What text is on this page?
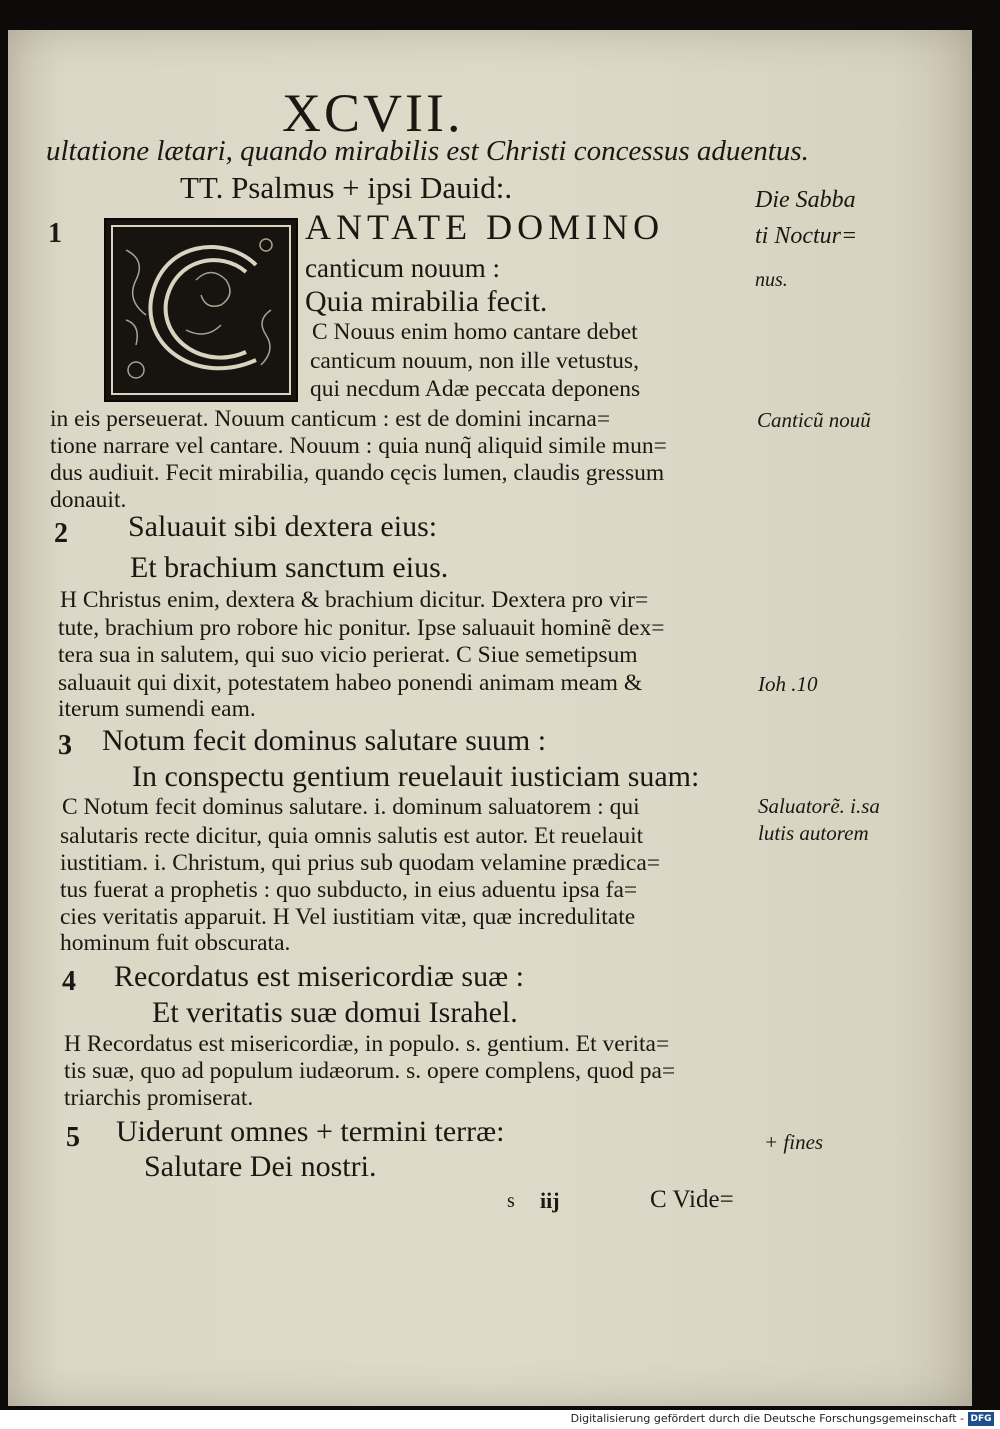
XCVII.
ultatione lætari, quando mirabilis est Christi concessus aduentus.
TT. Psalmus + ipsi Dauid:.
1	ANTATE DOMINO
canticum nouum :
Quia mirabilia fecit.
C Nouus enim homo cantare debet
canticum nouum, non ille vetustus,
qui necdum Adæ peccata deponens
in eis perseuerat. Nouum canticum : est de domini incarna=
tione narrare vel cantare. Nouum : quia nunq̃ aliquid simile mun=
dus audiuit. Fecit mirabilia, quando cęcis lumen, claudis gressum
donauit.
2 Saluauit sibi dextera eius:
Et brachium sanctum eius.
H Christus enim, dextera & brachium dicitur. Dextera pro vir=
tute, brachium pro robore hic ponitur. Ipse saluauit hominẽ dex=
tera sua in salutem, qui suo vicio perierat. C Siue semetipsum
saluauit qui dixit, potestatem habeo ponendi animam meam &
iterum sumendi eam.
3 Notum fecit dominus salutare suum :
In conspectu gentium reuelauit iusticiam suam:
C Notum fecit dominus salutare. i. dominum saluatorem : qui
salutaris recte dicitur, quia omnis salutis est autor. Et reuelauit
iustitiam. i. Christum, qui prius sub quodam velamine prædica=
tus fuerat a prophetis : quo subducto, in eius aduentu ipsa fa=
cies veritatis apparuit. H Vel iustitiam vitæ, quæ incredulitate
hominum fuit obscurata.
4 Recordatus est misericordiæ suæ :
Et veritatis suæ domui Israhel.
H Recordatus est misericordiæ, in populo. s. gentium. Et verita=
tis suæ, quo ad populum iudæorum. s. opere complens, quod pa=
triarchis promiserat.
5 Uiderunt omnes + termini terræ:
Salutare Dei nostri.
s iij	C Vide=
Die Sabba
ti Noctur=
nus.
Canticũ nouũ
Ioh .10
Saluatorẽ. i.sa
lutis autorem
+ fines
Digitalisierung gefördert durch die Deutsche Forschungsgemeinschaft - DFG
